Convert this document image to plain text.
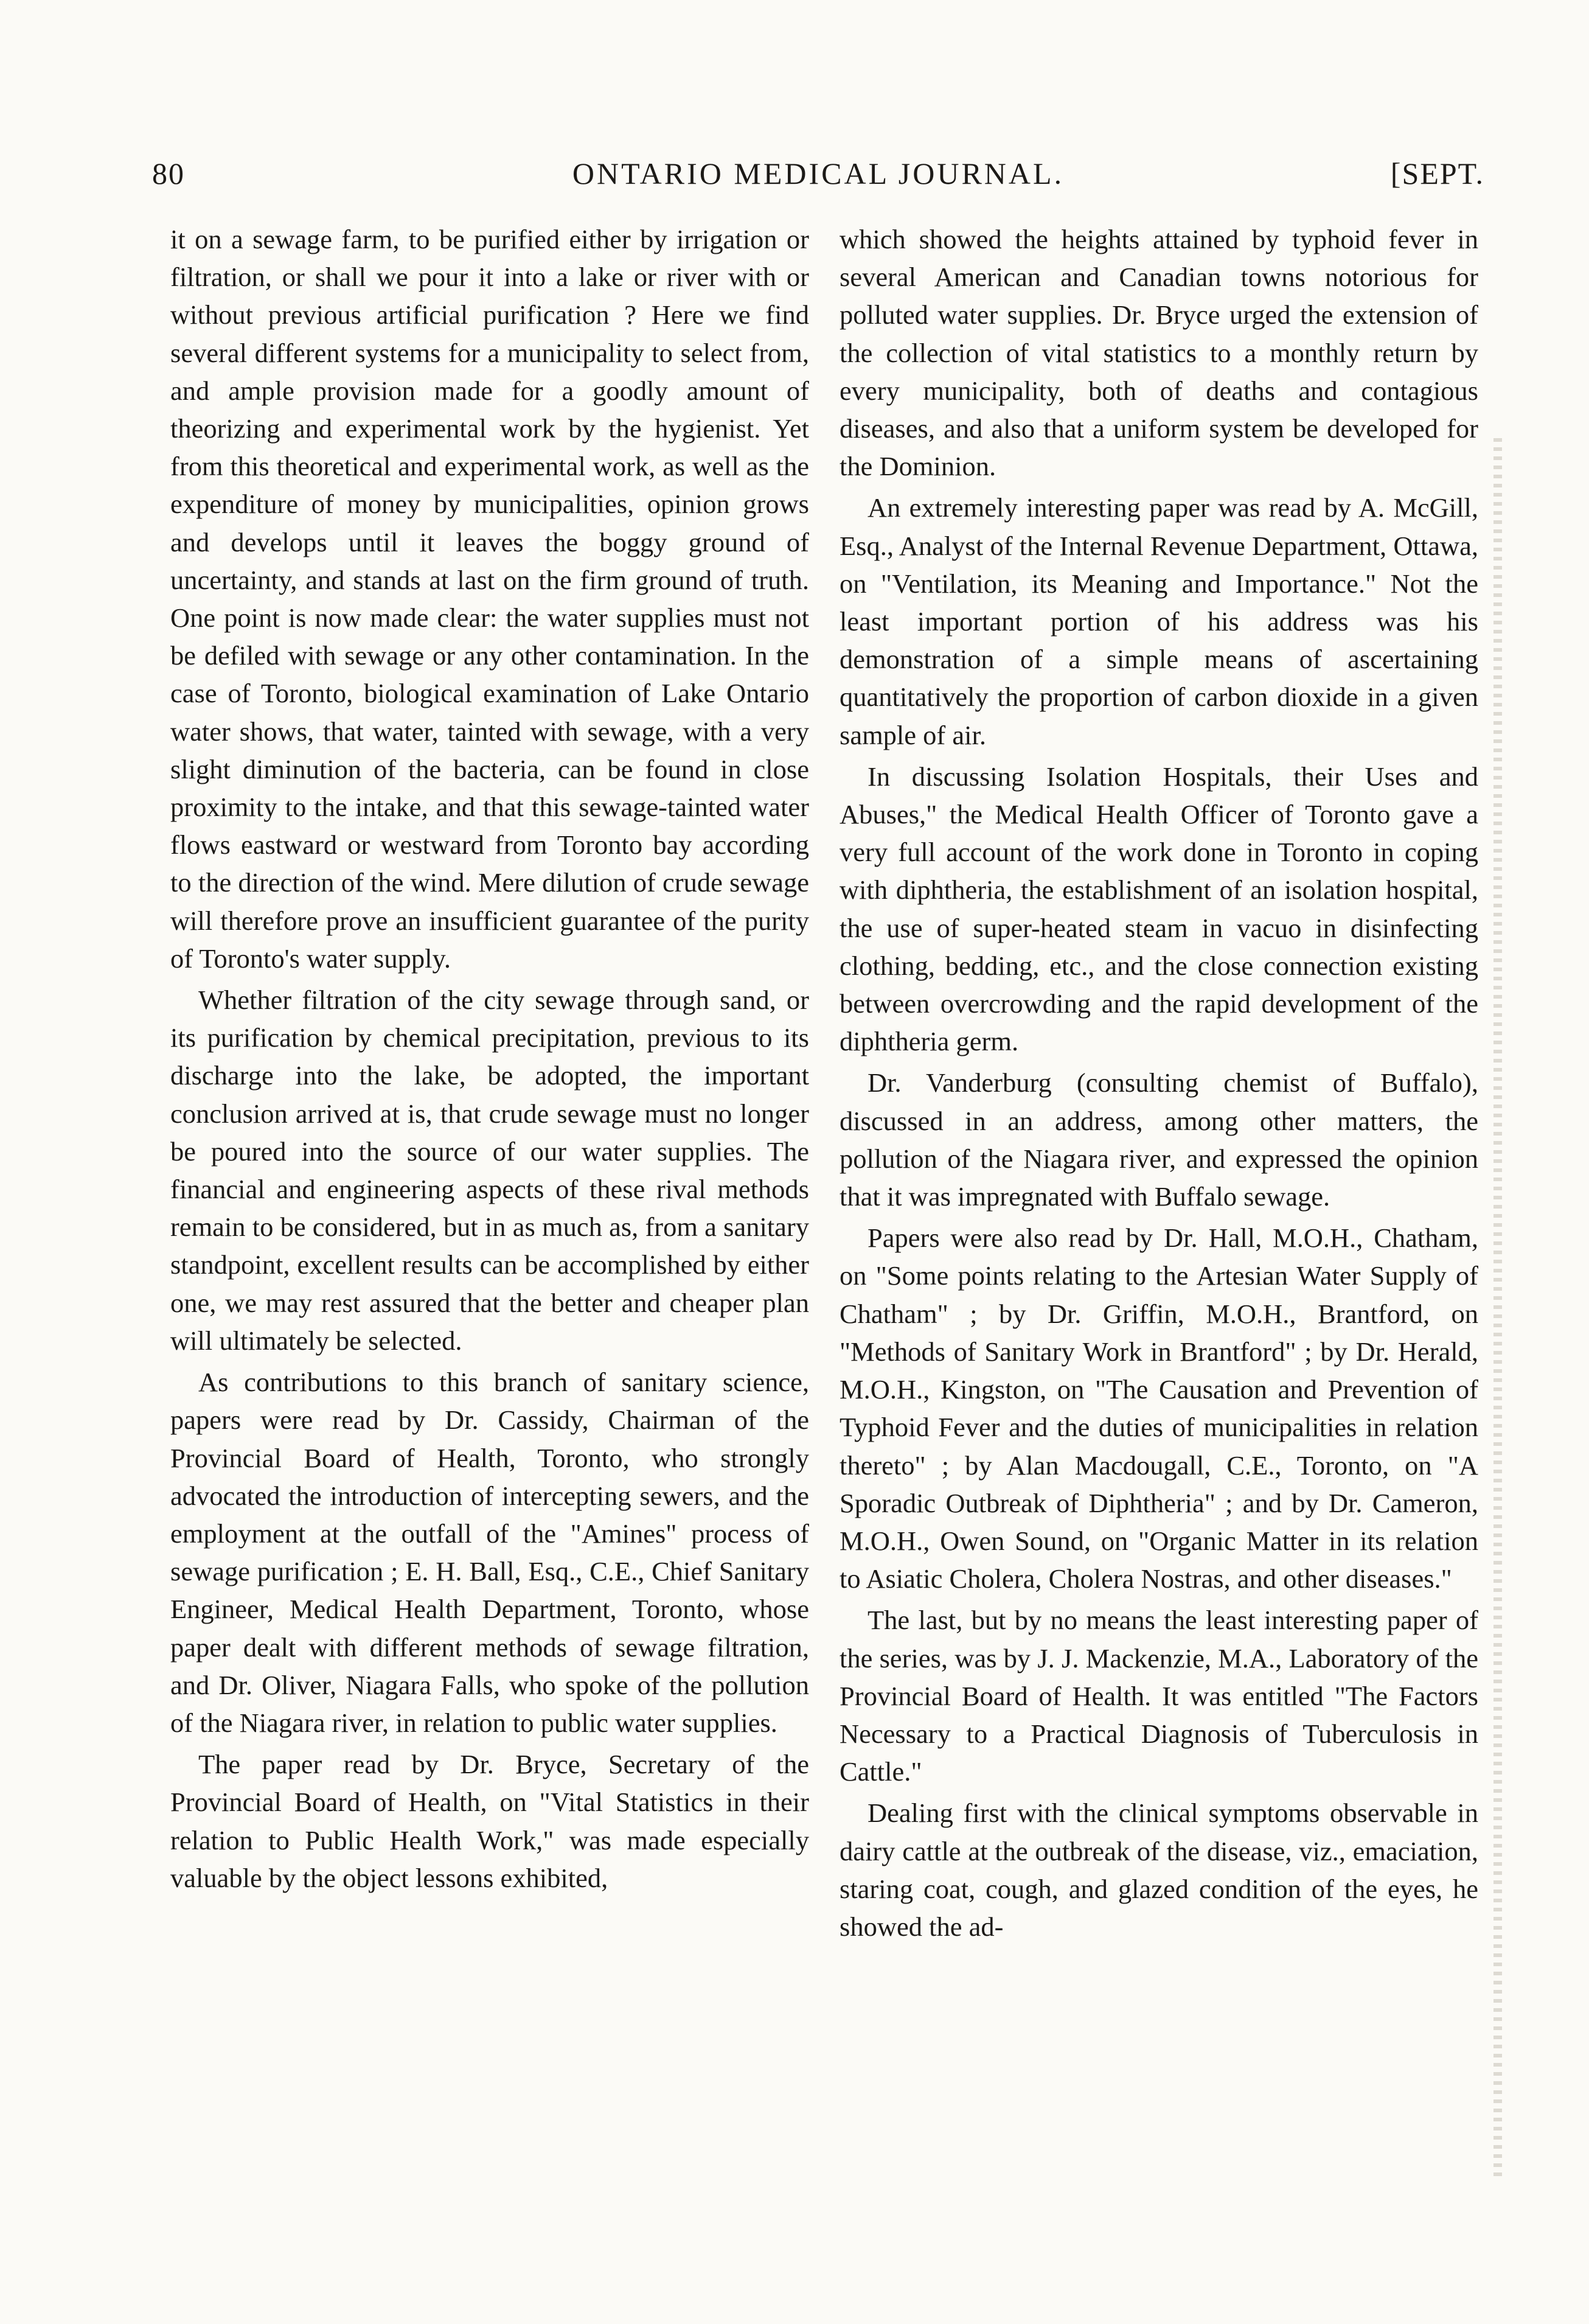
80	ONTARIO MEDICAL JOURNAL.	[SEPT.

it on a sewage farm, to be purified either by irrigation or filtration, or shall we pour it into a lake or river with or without previous artificial purification ? Here we find several different systems for a municipality to select from, and ample provision made for a goodly amount of theorizing and experimental work by the hygienist. Yet from this theoretical and experimental work, as well as the expenditure of money by municipalities, opinion grows and develops until it leaves the boggy ground of uncertainty, and stands at last on the firm ground of truth. One point is now made clear: the water supplies must not be defiled with sewage or any other contamination. In the case of Toronto, biological examination of Lake Ontario water shows, that water, tainted with sewage, with a very slight diminution of the bacteria, can be found in close proximity to the intake, and that this sewage-tainted water flows eastward or westward from Toronto bay according to the direction of the wind. Mere dilution of crude sewage will therefore prove an insufficient guarantee of the purity of Toronto's water supply.

Whether filtration of the city sewage through sand, or its purification by chemical precipitation, previous to its discharge into the lake, be adopted, the important conclusion arrived at is, that crude sewage must no longer be poured into the source of our water supplies. The financial and engineering aspects of these rival methods remain to be considered, but in as much as, from a sanitary standpoint, excellent results can be accomplished by either one, we may rest assured that the better and cheaper plan will ultimately be selected.

As contributions to this branch of sanitary science, papers were read by Dr. Cassidy, Chairman of the Provincial Board of Health, Toronto, who strongly advocated the introduction of intercepting sewers, and the employment at the outfall of the "Amines" process of sewage purification ; E. H. Ball, Esq., C.E., Chief Sanitary Engineer, Medical Health Department, Toronto, whose paper dealt with different methods of sewage filtration, and Dr. Oliver, Niagara Falls, who spoke of the pollution of the Niagara river, in relation to public water supplies.

The paper read by Dr. Bryce, Secretary of the Provincial Board of Health, on "Vital Statistics in their relation to Public Health Work," was made especially valuable by the object lessons exhibited,

which showed the heights attained by typhoid fever in several American and Canadian towns notorious for polluted water supplies. Dr. Bryce urged the extension of the collection of vital statistics to a monthly return by every municipality, both of deaths and contagious diseases, and also that a uniform system be developed for the Dominion.

An extremely interesting paper was read by A. McGill, Esq., Analyst of the Internal Revenue Department, Ottawa, on "Ventilation, its Meaning and Importance." Not the least important portion of his address was his demonstration of a simple means of ascertaining quantitatively the proportion of carbon dioxide in a given sample of air.

In discussing Isolation Hospitals, their Uses and Abuses," the Medical Health Officer of Toronto gave a very full account of the work done in Toronto in coping with diphtheria, the establishment of an isolation hospital, the use of super-heated steam in vacuo in disinfecting clothing, bedding, etc., and the close connection existing between overcrowding and the rapid development of the diphtheria germ.

Dr. Vanderburg (consulting chemist of Buffalo), discussed in an address, among other matters, the pollution of the Niagara river, and expressed the opinion that it was impregnated with Buffalo sewage.

Papers were also read by Dr. Hall, M.O.H., Chatham, on "Some points relating to the Artesian Water Supply of Chatham" ; by Dr. Griffin, M.O.H., Brantford, on "Methods of Sanitary Work in Brantford" ; by Dr. Herald, M.O.H., Kingston, on "The Causation and Prevention of Typhoid Fever and the duties of municipalities in relation thereto" ; by Alan Macdougall, C.E., Toronto, on "A Sporadic Outbreak of Diphtheria" ; and by Dr. Cameron, M.O.H., Owen Sound, on "Organic Matter in its relation to Asiatic Cholera, Cholera Nostras, and other diseases."

The last, but by no means the least interesting paper of the series, was by J. J. Mackenzie, M.A., Laboratory of the Provincial Board of Health. It was entitled "The Factors Necessary to a Practical Diagnosis of Tuberculosis in Cattle."

Dealing first with the clinical symptoms observable in dairy cattle at the outbreak of the disease, viz., emaciation, staring coat, cough, and glazed condition of the eyes, he showed the ad-
